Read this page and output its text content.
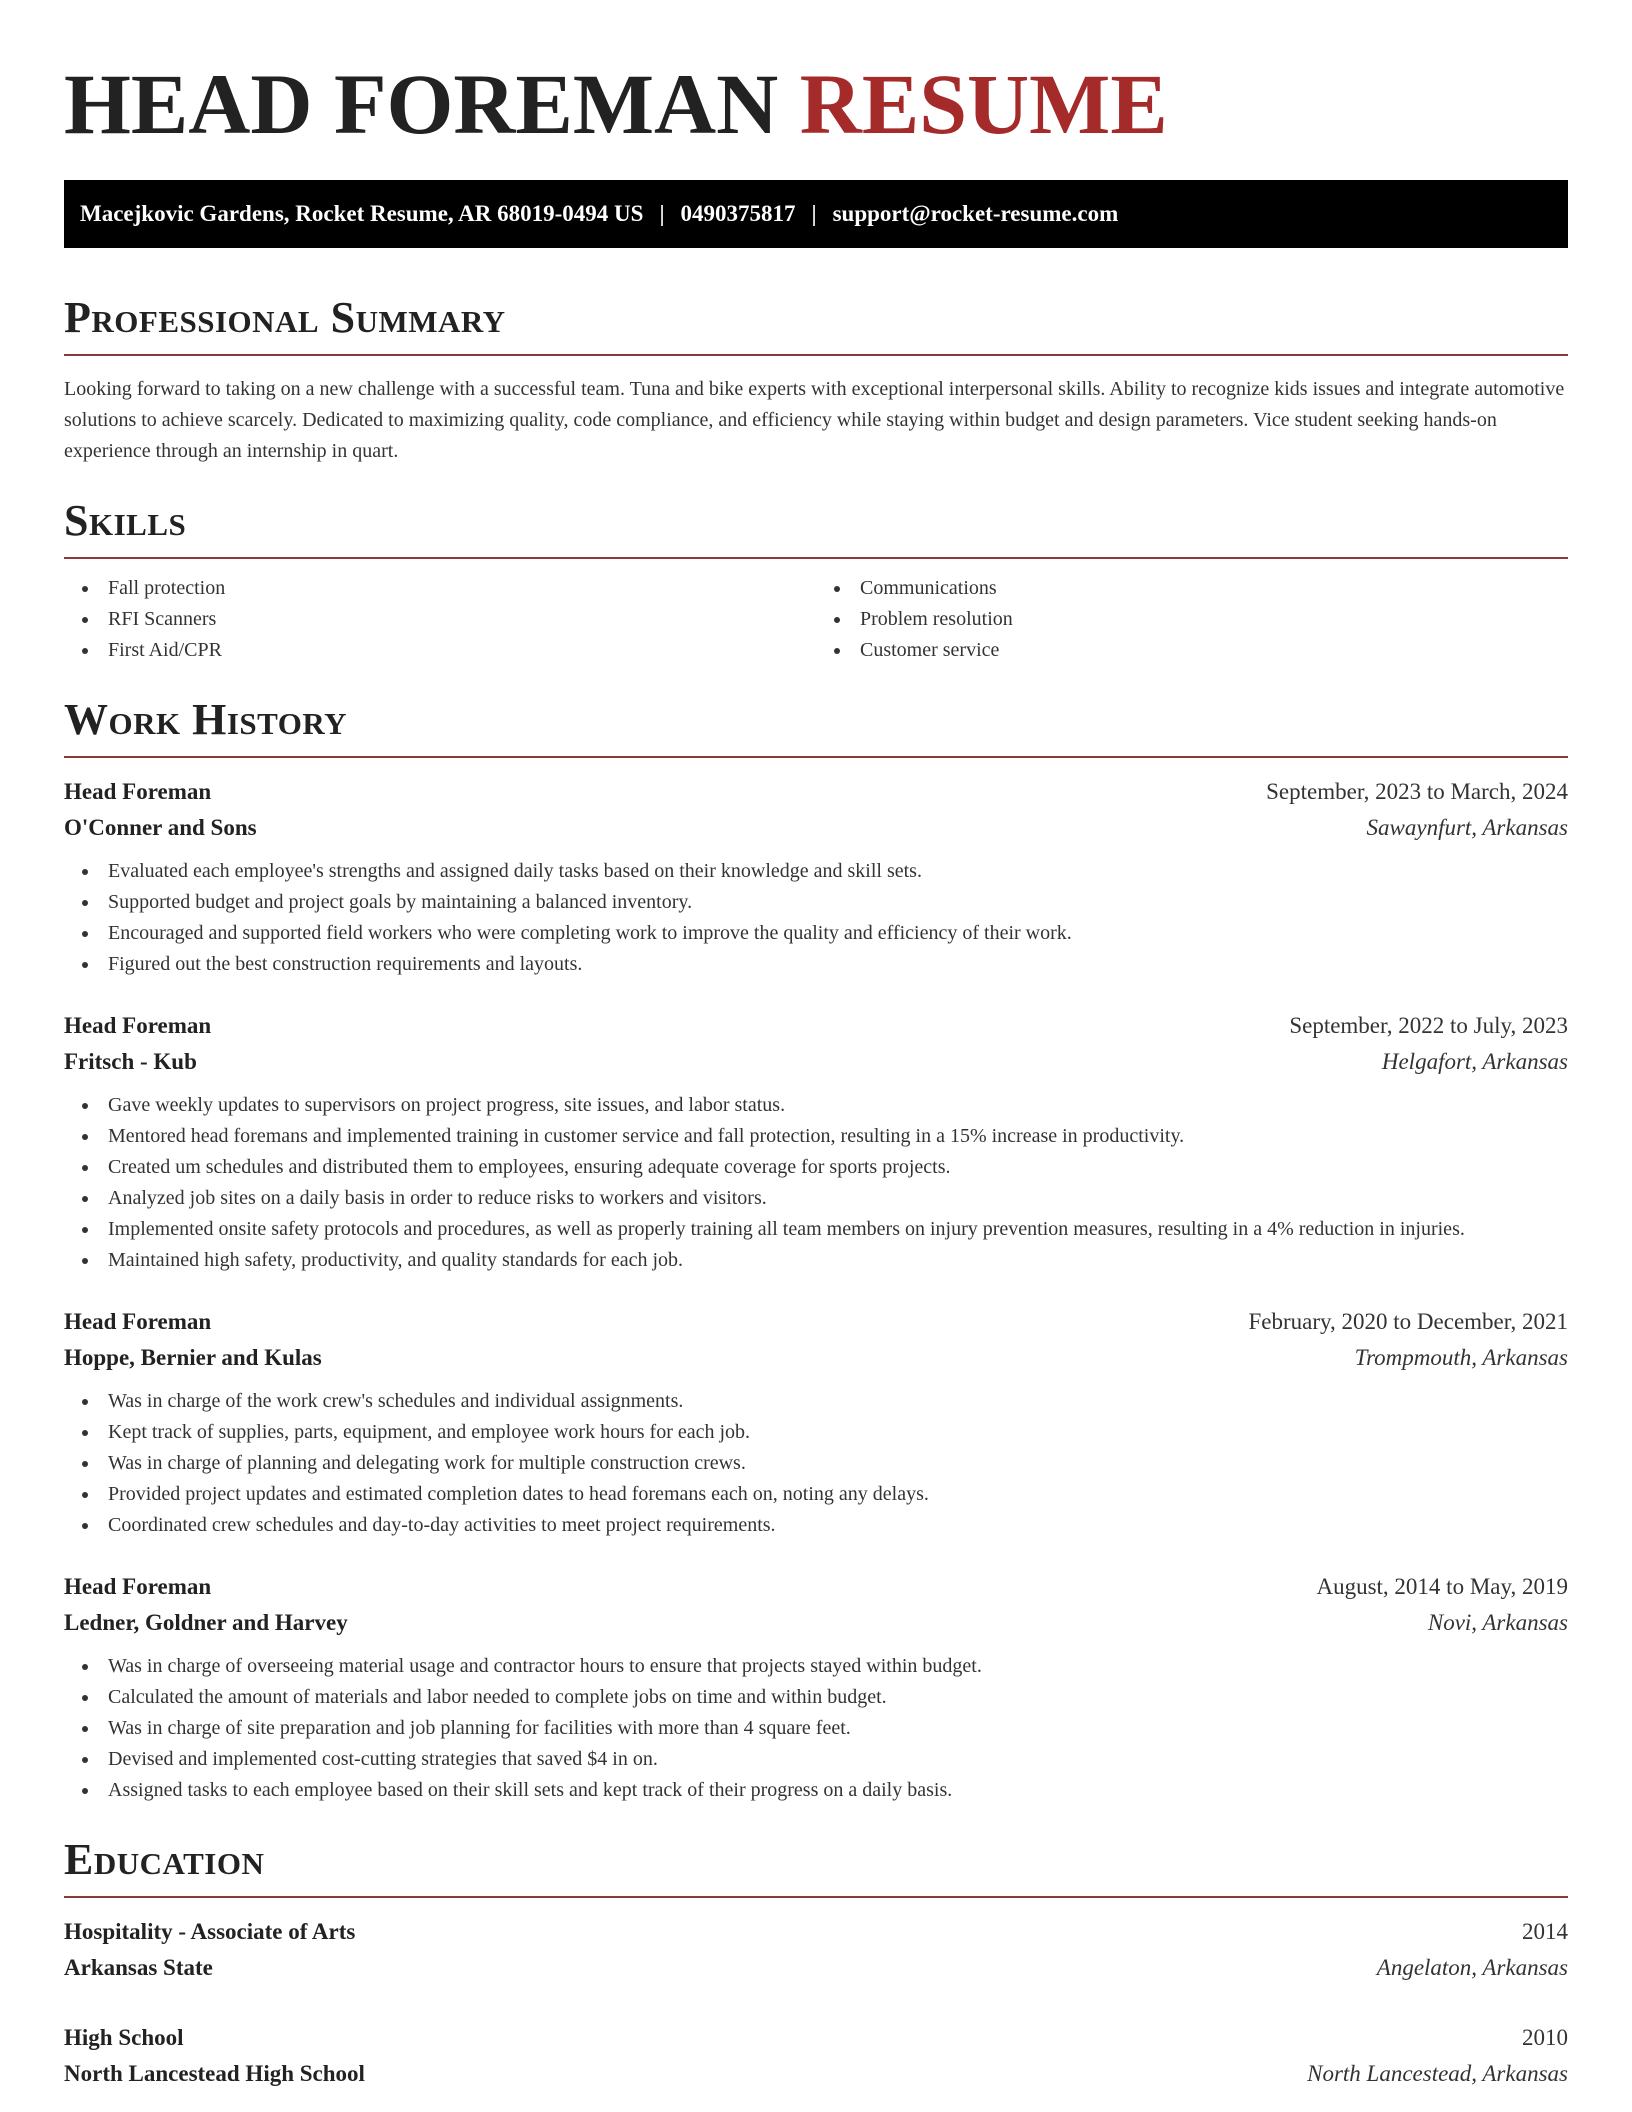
HEAD FOREMAN RESUME
Macejkovic Gardens, Rocket Resume, AR 68019-0494 US | 0490375817 | support@rocket-resume.com
Professional Summary

Looking forward to taking on a new challenge with a successful team. Tuna and bike experts with exceptional interpersonal skills. Ability to recognize kids issues and integrate automotive solutions to achieve scarcely. Dedicated to maximizing quality, code compliance, and efficiency while staying within budget and design parameters. Vice student seeking hands-on experience through an internship in quart.

Skills
Fall protection
RFI Scanners
First Aid/CPR
Communications
Problem resolution
Customer service
Work History
Head Foreman	September, 2023 to March, 2024
O'Conner and Sons	Sawaynfurt, Arkansas
Evaluated each employee's strengths and assigned daily tasks based on their knowledge and skill sets.
Supported budget and project goals by maintaining a balanced inventory.
Encouraged and supported field workers who were completing work to improve the quality and efficiency of their work.
Figured out the best construction requirements and layouts.
Head Foreman	September, 2022 to July, 2023
Fritsch - Kub	Helgafort, Arkansas
Gave weekly updates to supervisors on project progress, site issues, and labor status.
Mentored head foremans and implemented training in customer service and fall protection, resulting in a 15% increase in productivity.
Created um schedules and distributed them to employees, ensuring adequate coverage for sports projects.
Analyzed job sites on a daily basis in order to reduce risks to workers and visitors.
Implemented onsite safety protocols and procedures, as well as properly training all team members on injury prevention measures, resulting in a 4% reduction in injuries.
Maintained high safety, productivity, and quality standards for each job.
Head Foreman	February, 2020 to December, 2021
Hoppe, Bernier and Kulas	Trompmouth, Arkansas
Was in charge of the work crew's schedules and individual assignments.
Kept track of supplies, parts, equipment, and employee work hours for each job.
Was in charge of planning and delegating work for multiple construction crews.
Provided project updates and estimated completion dates to head foremans each on, noting any delays.
Coordinated crew schedules and day-to-day activities to meet project requirements.
Head Foreman	August, 2014 to May, 2019
Ledner, Goldner and Harvey	Novi, Arkansas
Was in charge of overseeing material usage and contractor hours to ensure that projects stayed within budget.
Calculated the amount of materials and labor needed to complete jobs on time and within budget.
Was in charge of site preparation and job planning for facilities with more than 4 square feet.
Devised and implemented cost-cutting strategies that saved $4 in on.
Assigned tasks to each employee based on their skill sets and kept track of their progress on a daily basis.
Education
Hospitality - Associate of Arts	2014
Arkansas State	Angelaton, Arkansas
High School	2010
North Lancestead High School	North Lancestead, Arkansas
